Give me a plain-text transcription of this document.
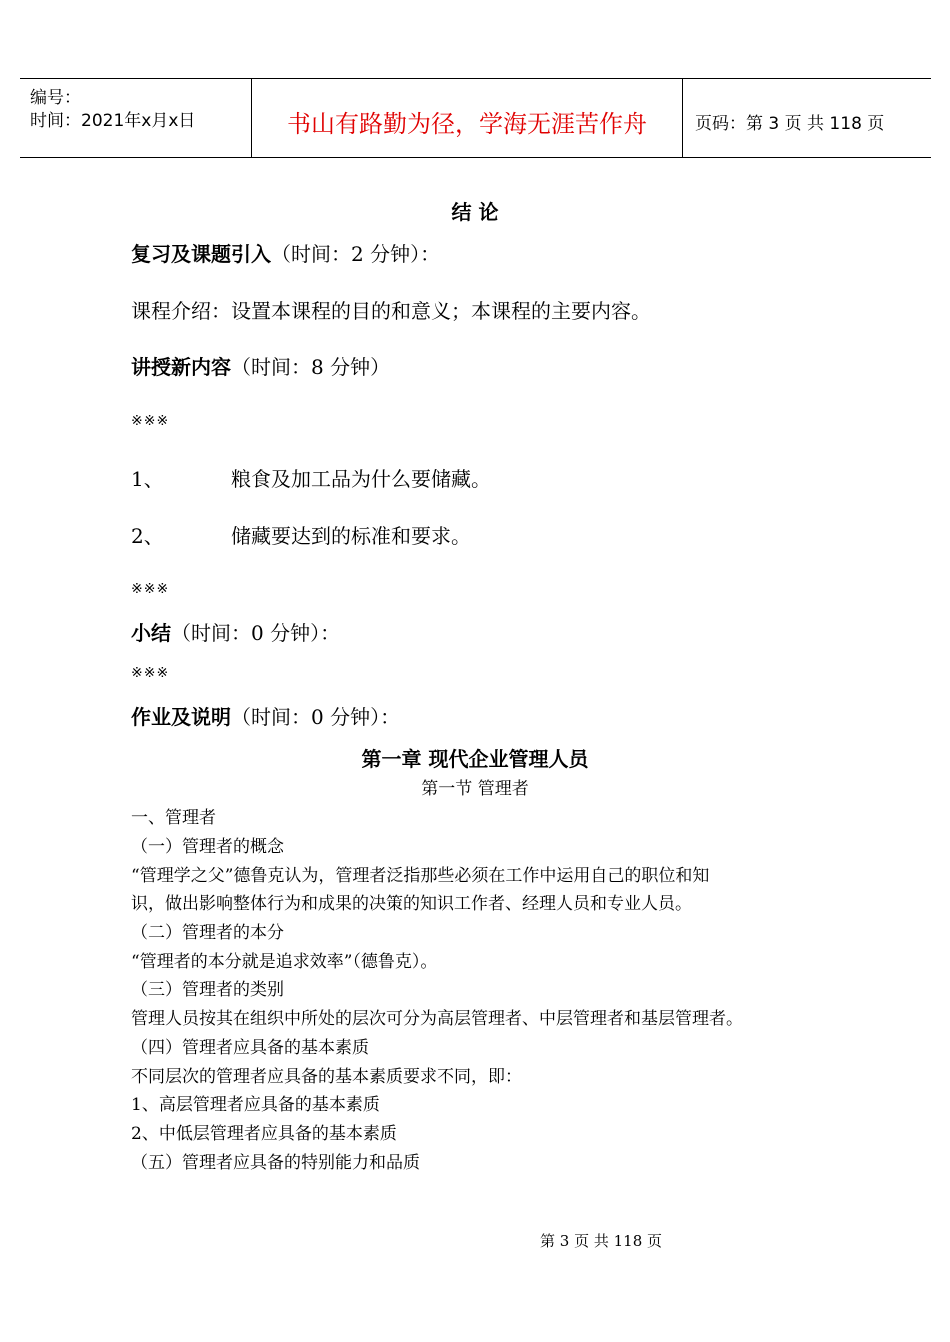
编号：
时间：2021年x月x日	书山有路勤为径，学海无涯苦作舟	页码：第 3 页 共 118 页
结 论
复习及课题引入（时间：2 分钟）：
课程介绍：设置本课程的目的和意义；本课程的主要内容。
讲授新内容（时间：8 分钟）
※※※
1、	粮食及加工品为什么要储藏。
2、	储藏要达到的标准和要求。
※※※
小结（时间：0 分钟）：
※※※
作业及说明（时间：0 分钟）：
第一章 现代企业管理人员
第一节 管理者
一、管理者
（一）管理者的概念
“管理学之父”德鲁克认为，管理者泛指那些必须在工作中运用自己的职位和知
识，做出影响整体行为和成果的决策的知识工作者、经理人员和专业人员。
（二）管理者的本分
“管理者的本分就是追求效率”（德鲁克）。
（三）管理者的类别
管理人员按其在组织中所处的层次可分为高层管理者、中层管理者和基层管理者。
（四）管理者应具备的基本素质
不同层次的管理者应具备的基本素质要求不同，即：
1、高层管理者应具备的基本素质
2、中低层管理者应具备的基本素质
（五）管理者应具备的特别能力和品质
第 3 页 共 118 页
